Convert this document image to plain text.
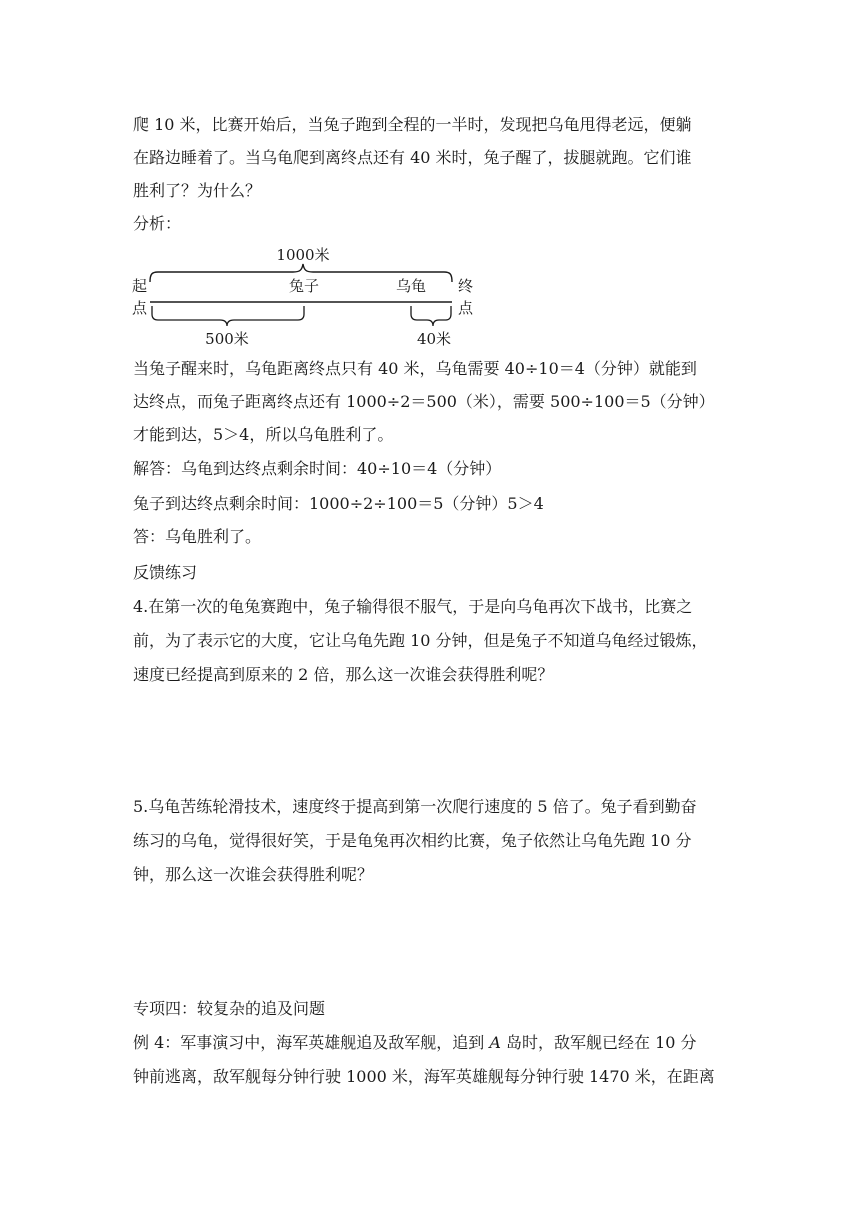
爬 10 米，比赛开始后，当兔子跑到全程的一半时，发现把乌龟甩得老远，便躺
在路边睡着了。当乌龟爬到离终点还有 40 米时，兔子醒了，拔腿就跑。它们谁
胜利了？为什么？
分析：
1000米
起
点
终
点
兔子	乌龟
500米	40米
当兔子醒来时，乌龟距离终点只有 40 米，乌龟需要 40÷10＝4（分钟）就能到
达终点，而兔子距离终点还有 1000÷2＝500（米），需要 500÷100＝5（分钟）
才能到达，5＞4，所以乌龟胜利了。
解答：乌龟到达终点剩余时间：40÷10＝4（分钟）
兔子到达终点剩余时间：1000÷2÷100＝5（分钟）5＞4
答：乌龟胜利了。
反馈练习
4.在第一次的龟兔赛跑中，兔子输得很不服气，于是向乌龟再次下战书，比赛之
前，为了表示它的大度，它让乌龟先跑 10 分钟，但是兔子不知道乌龟经过锻炼，
速度已经提高到原来的 2 倍，那么这一次谁会获得胜利呢？
5.乌龟苦练轮滑技术，速度终于提高到第一次爬行速度的 5 倍了。兔子看到勤奋
练习的乌龟，觉得很好笑，于是龟兔再次相约比赛，兔子依然让乌龟先跑 10 分
钟，那么这一次谁会获得胜利呢？
专项四：较复杂的追及问题
例 4：军事演习中，海军英雄舰追及敌军舰，追到 A 岛时，敌军舰已经在 10 分
钟前逃离，敌军舰每分钟行驶 1000 米，海军英雄舰每分钟行驶 1470 米，在距离
